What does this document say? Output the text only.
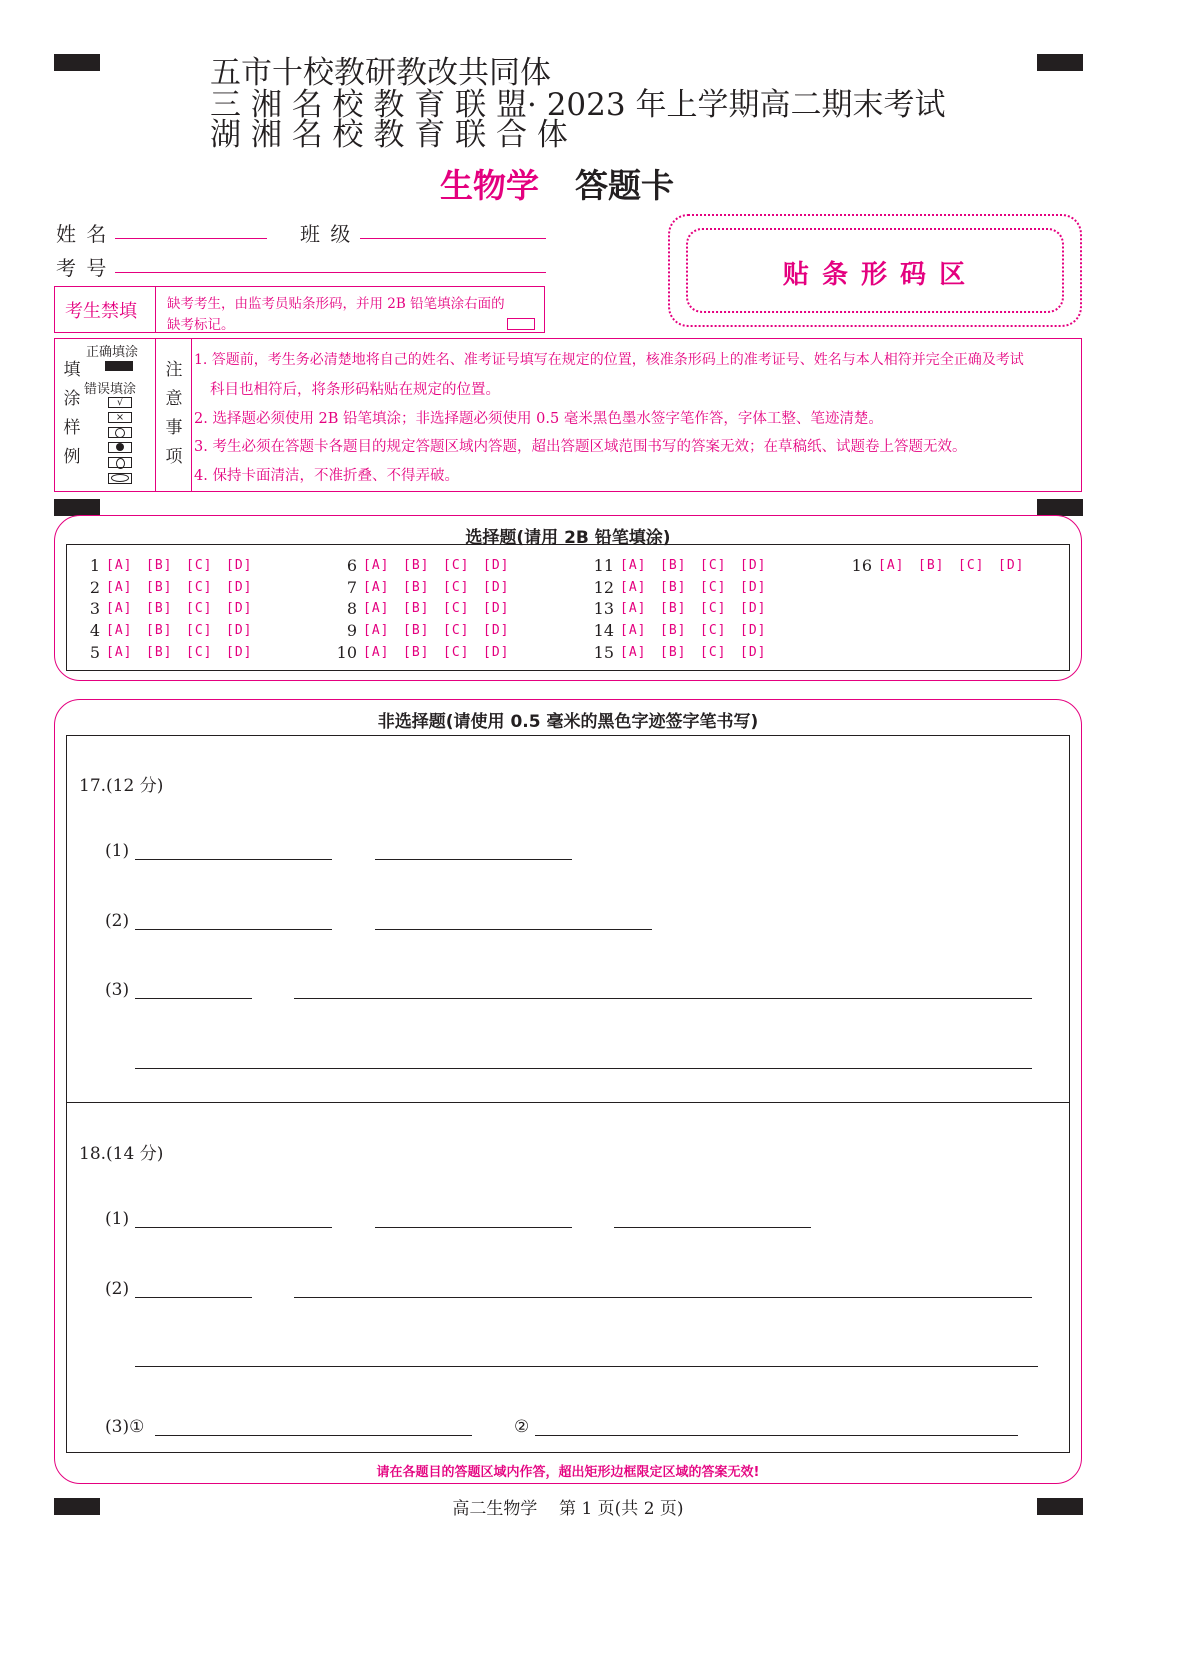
五市十校教研教改共同体
三 湘 名 校 教 育 联 盟· 2023 年上学期高二期末考试
湖 湘 名 校 教 育 联 合 体
生物学 答题卡
姓 名	班 级
考 号	贴 条 形 码 区
考生禁填 缺考考生，由监考员贴条形码，并用 2B 铅笔填涂右面的
缺考标记。
填
涂
样
例
正确填涂
错误填涂
√
×
注
意
事
项
1. 答题前，考生务必清楚地将自己的姓名、准考证号填写在规定的位置，核准条形码上的准考证号、姓名与本人相符并完全正确及考试
科目也相符后，将条形码粘贴在规定的位置。
2. 选择题必须使用 2B 铅笔填涂；非选择题必须使用 0.5 毫米黑色墨水签字笔作答，字体工整、笔迹清楚。
3. 考生必须在答题卡各题目的规定答题区域内答题，超出答题区域范围书写的答案无效；在草稿纸、试题卷上答题无效。
4. 保持卡面清洁，不准折叠、不得弄破。
选择题(请用 2B 铅笔填涂)
1 [A] [B] [C] [D]
2 [A] [B] [C] [D]
3 [A] [B] [C] [D]
4 [A] [B] [C] [D]
5 [A] [B] [C] [D]
6 [A] [B] [C] [D]
7 [A] [B] [C] [D]
8 [A] [B] [C] [D]
9 [A] [B] [C] [D]
10 [A] [B] [C] [D]
11 [A] [B] [C] [D]
12 [A] [B] [C] [D]
13 [A] [B] [C] [D]
14 [A] [B] [C] [D]
15 [A] [B] [C] [D]
16 [A] [B] [C] [D]
非选择题(请使用 0.5 毫米的黑色字迹签字笔书写)
17.(12 分)
(1)
(2)
(3)
18.(14 分)
(1)
(2)
(3)①	②
请在各题目的答题区域内作答，超出矩形边框限定区域的答案无效!
高二生物学    第 1 页(共 2 页)
